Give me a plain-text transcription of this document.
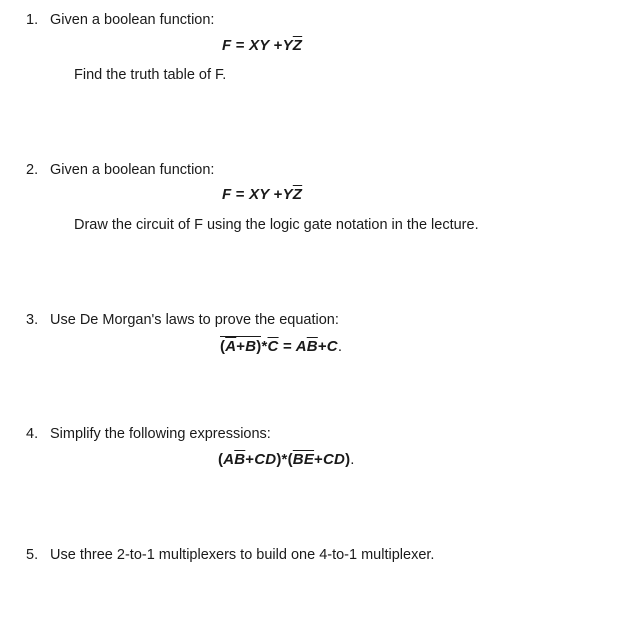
1. Given a boolean function:
F = XY $+Y\overline{Z}$
Find the truth table of F.
2. Given a boolean function:
F = XY $+Y\overline{Z}$
Draw the circuit of F using the logic gate notation in the lecture.
3. Use De Morgan's laws to prove the equation:
$(\overline{A}+B)*\overline{C} = A\overline{B}+C$.
4. Simplify the following expressions:
$(A\overline{B}+CD)*(\overline{BE}+CD)$.
5. Use three 2-to-1 multiplexers to build one 4-to-1 multiplexer.
